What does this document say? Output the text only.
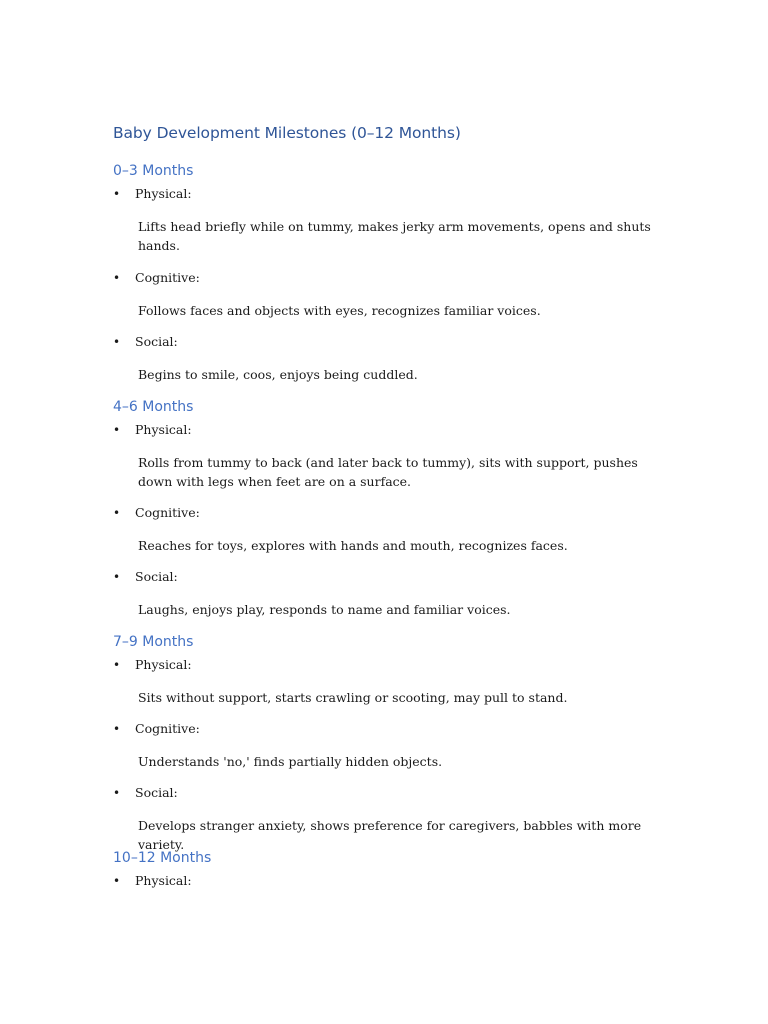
Baby Development Milestones (0–12 Months)
0–3 Months
• Physical:

Lifts head briefly while on tummy, makes jerky arm movements, opens and shuts hands.

• Cognitive:

Follows faces and objects with eyes, recognizes familiar voices.

• Social:

Begins to smile, coos, enjoys being cuddled.

4–6 Months
• Physical:

Rolls from tummy to back (and later back to tummy), sits with support, pushes down with legs when feet are on a surface.

• Cognitive:

Reaches for toys, explores with hands and mouth, recognizes faces.

• Social:

Laughs, enjoys play, responds to name and familiar voices.

7–9 Months
• Physical:

Sits without support, starts crawling or scooting, may pull to stand.

• Cognitive:

Understands 'no,' finds partially hidden objects.

• Social:

Develops stranger anxiety, shows preference for caregivers, babbles with more variety.

10–12 Months
• Physical:
